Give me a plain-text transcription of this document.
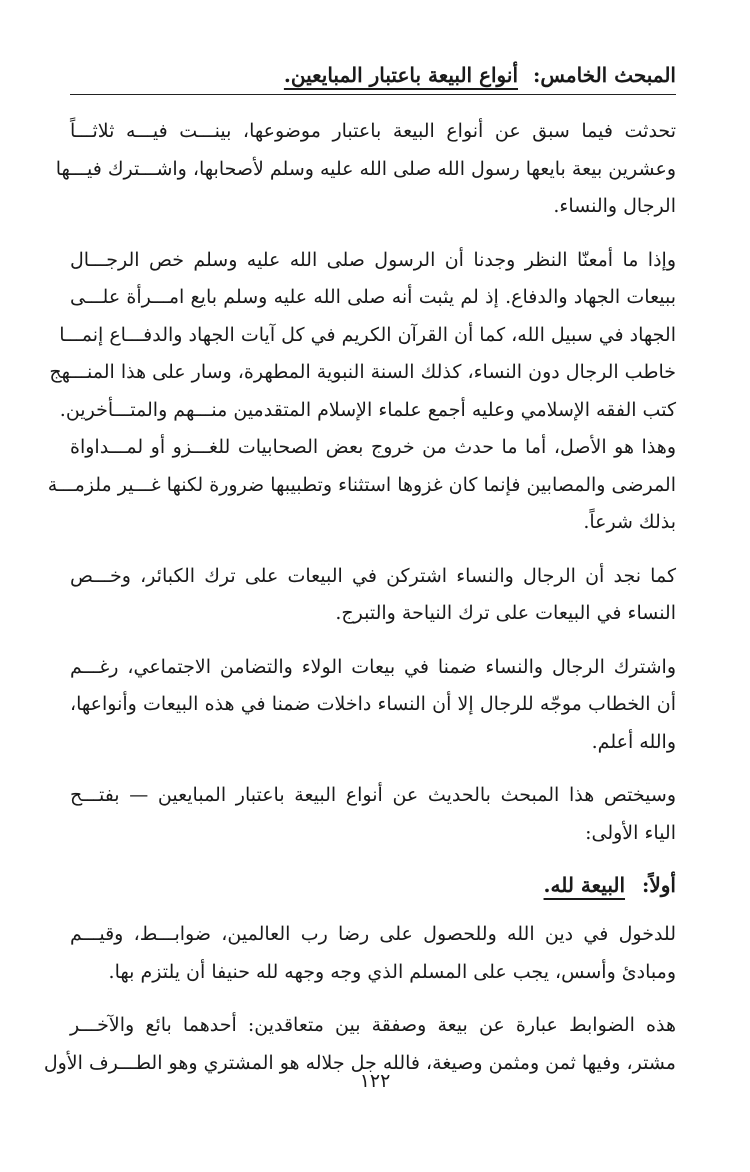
المبحث الخامس: أنواع البيعة باعتبار المبايعين.
تحدثت فيما سبق عن أنواع البيعة باعتبار موضوعها، بينـــت فيـــه ثلاثـــاً
وعشرين بيعة بايعها رسول الله صلى الله عليه وسلم لأصحابها، واشـــترك فيـــها
الرجال والنساء.
وإذا ما أمعنّا النظر وجدنا أن الرسول صلى الله عليه وسلم خص الرجـــال
ببيعات الجهاد والدفاع. إذ لم يثبت أنه صلى الله عليه وسلم بايع امـــرأة علـــى
الجهاد في سبيل الله، كما أن القرآن الكريم في كل آيات الجهاد والدفـــاع إنمـــا
خاطب الرجال دون النساء، كذلك السنة النبوية المطهرة، وسار على هذا المنـــهج
كتب الفقه الإسلامي وعليه أجمع علماء الإسلام المتقدمين منـــهم والمتـــأخرين.
وهذا هو الأصل، أما ما حدث من خروج بعض الصحابيات للغـــزو أو لمـــداواة
المرضى والمصابين فإنما كان غزوها استثناء وتطبيبها ضرورة لكنها غـــير ملزمـــة
بذلك شرعاً.
كما نجد أن الرجال والنساء اشتركن في البيعات على ترك الكبائر، وخـــص
النساء في البيعات على ترك النياحة والتبرج.
واشترك الرجال والنساء ضمنا في بيعات الولاء والتضامن الاجتماعي، رغـــم
أن الخطاب موجّه للرجال إلا أن النساء داخلات ضمنا في هذه البيعات وأنواعها،
والله أعلم.
وسيختص هذا المبحث بالحديث عن أنواع البيعة باعتبار المبايعين — بفتـــح
الياء الأولى:
أولاً: البيعة لله.
للدخول في دين الله وللحصول على رضا رب العالمين، ضوابـــط، وقيـــم
ومبادئ وأسس، يجب على المسلم الذي وجه وجهه لله حنيفا أن يلتزم بها.
هذه الضوابط عبارة عن بيعة وصفقة بين متعاقدين: أحدهما بائع والآخـــر
مشتر، وفيها ثمن ومثمن وصيغة، فالله جل جلاله هو المشتري وهو الطـــرف الأول
١٢٢
